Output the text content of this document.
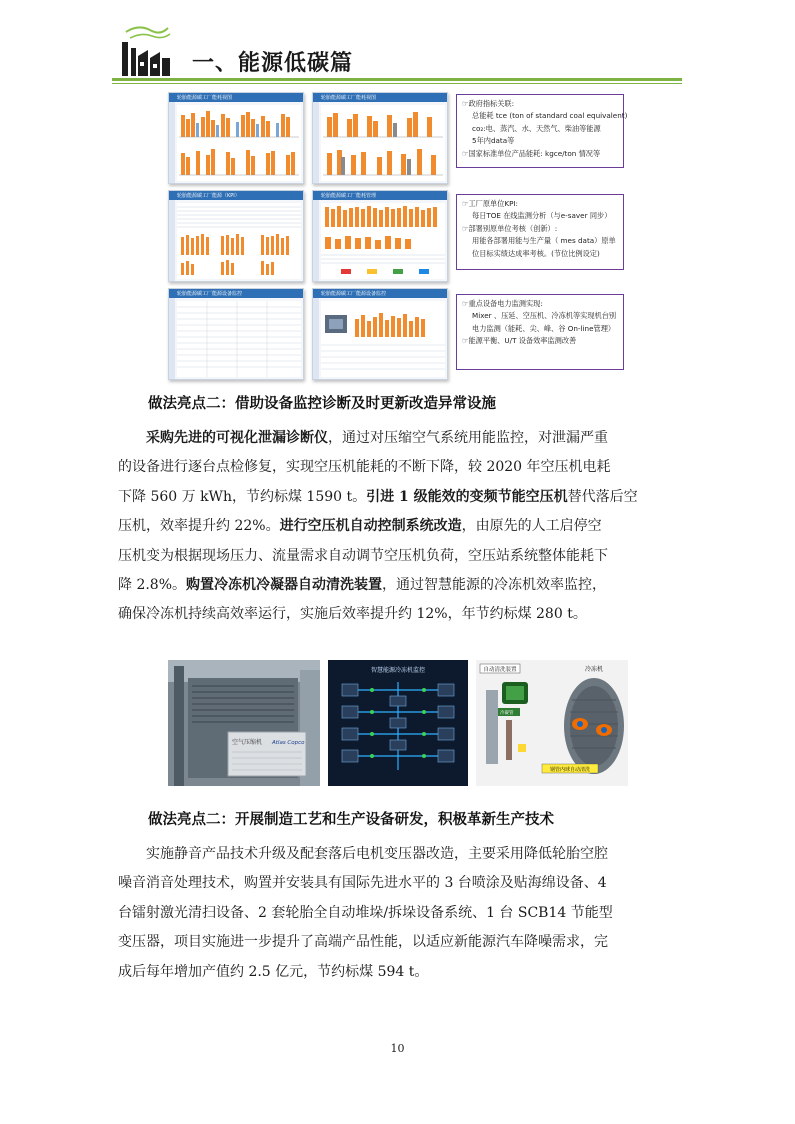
一、能源低碳篇
轮胎能源碳工厂能耗视图	轮胎能源碳工厂能耗视图
轮胎能源碳工厂能源（KPI）	轮胎能源碳工厂能耗管理
轮胎能源碳工厂能源设备监控	轮胎能源碳工厂能源设备监控
☞政府指标关联:
总能耗 tce (ton of standard coal equivalent)
co₂:电、蒸汽、水、天然气、柴油等能源
5年内data等
☞国家标准单位产品能耗: kgce/ton 情况等
☞工厂原单位KPI:
每日TOE 在线监测分析（与e-saver 同步）
☞部署别原单位考核（创新）:
用能各部署用能与生产量（ mes data）原单
位目标实绩达成率考核。(节位比例设定)
☞重点设备电力监测实现:
Mixer 、压延、空压机、冷冻机等实现机台别
电力监测（能耗、尖、峰、谷 On-line管理）
☞能源平衡、U/T 设备效率监测改善
做法亮点二：借助设备监控诊断及时更新改造异常设施
采购先进的可视化泄漏诊断仪，通过对压缩空气系统用能监控，对泄漏严重
的设备进行逐台点检修复，实现空压机能耗的不断下降，较 2020 年空压机电耗
下降 560 万 kWh，节约标煤 1590 t。引进 1 级能效的变频节能空压机替代落后空
压机，效率提升约 22%。进行空压机自动控制系统改造，由原先的人工启停空
压机变为根据现场压力、流量需求自动调节空压机负荷，空压站系统整体能耗下
降 2.8%。购置冷冻机冷凝器自动清洗装置，通过智慧能源的冷冻机效率监控，
确保冷冻机持续高效率运行，实施后效率提升约 12%，年节约标煤 280 t。
空气压缩机 Atlas Copco
智慧能源冷冻机监控	自动清洗装置	冷冻机
冷凝管
钢管内球自动清洗
做法亮点二：开展制造工艺和生产设备研发，积极革新生产技术
实施静音产品技术升级及配套落后电机变压器改造，主要采用降低轮胎空腔
噪音消音处理技术，购置并安装具有国际先进水平的 3 台喷涂及贴海绵设备、4
台镭射激光清扫设备、2 套轮胎全自动堆垛/拆垛设备系统、1 台 SCB14 节能型
变压器，项目实施进一步提升了高端产品性能，以适应新能源汽车降噪需求，完
成后每年增加产值约 2.5 亿元，节约标煤 594 t。
10
